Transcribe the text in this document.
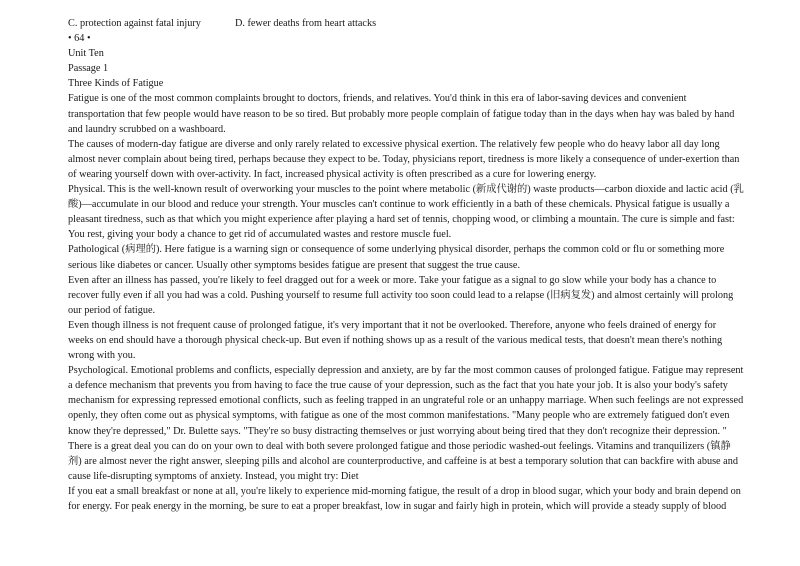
C. protection against fatal injury	D. fewer deaths from heart attacks

• 64 •

Unit Ten

Passage 1

Three Kinds of Fatigue

Fatigue is one of the most common complaints brought to doctors, friends, and relatives. You'd think in this era of labor-saving devices and convenient transportation that few people would have reason to be so tired. But probably more people complain of fatigue today than in the days when hay was baled by hand and laundry scrubbed on a washboard.

The causes of modern-day fatigue are diverse and only rarely related to excessive physical exertion. The relatively few people who do heavy labor all day long almost never complain about being tired, perhaps because they expect to be. Today, physicians report, tiredness is more likely a consequence of under-exertion than of wearing yourself down with over-activity. In fact, increased physical activity is often prescribed as a cure for lowering energy.

Physical. This is the well-known result of overworking your muscles to the point where metabolic (新成代谢的) waste products—carbon dioxide and lactic acid (乳酸)—accumulate in our blood and reduce your strength. Your muscles can't continue to work efficiently in a bath of these chemicals. Physical fatigue is usually a pleasant tiredness, such as that which you might experience after playing a hard set of tennis, chopping wood, or climbing a mountain. The cure is simple and fast: You rest, giving your body a chance to get rid of accumulated wastes and restore muscle fuel.

Pathological (病理的). Here fatigue is a warning sign or consequence of some underlying physical disorder, perhaps the common cold or flu or something more serious like diabetes or cancer. Usually other symptoms besides fatigue are present that suggest the true cause.

Even after an illness has passed, you're likely to feel dragged out for a week or more. Take your fatigue as a signal to go slow while your body has a chance to recover fully even if all you had was a cold. Pushing yourself to resume full activity too soon could lead to a relapse (旧病复发) and almost certainly will prolong our period of fatigue.

Even though illness is not frequent cause of prolonged fatigue, it's very important that it not be overlooked. Therefore, anyone who feels drained of energy for weeks on end should have a thorough physical check-up. But even if nothing shows up as a result of the various medical tests, that doesn't mean there's nothing wrong with you.

Psychological. Emotional problems and conflicts, especially depression and anxiety, are by far the most common causes of prolonged fatigue. Fatigue may represent a defence mechanism that prevents you from having to face the true cause of your depression, such as the fact that you hate your job. It is also your body's safety mechanism for expressing repressed emotional conflicts, such as feeling trapped in an ungrateful role or an unhappy marriage. When such feelings are not expressed openly, they often come out as physical symptoms, with fatigue as one of the most common manifestations. "Many people who are extremely fatigued don't even know they're depressed," Dr. Bulette says. "They're so busy distracting themselves or just worrying about being tired that they don't recognize their depression. "

There is a great deal you can do on your own to deal with both severe prolonged fatigue and those periodic washed-out feelings. Vitamins and tranquilizers (镇静剂) are almost never the right answer, sleeping pills and alcohol are counterproductive, and caffeine is at best a temporary solution that can backfire with abuse and cause life-disrupting symptoms of anxiety. Instead, you might try: Diet

If you eat a small breakfast or none at all, you're likely to experience mid-morning fatigue, the result of a drop in blood sugar, which your body and brain depend on for energy. For peak energy in the morning, be sure to eat a proper breakfast, low in sugar and fairly high in protein, which will provide a steady supply of blood
